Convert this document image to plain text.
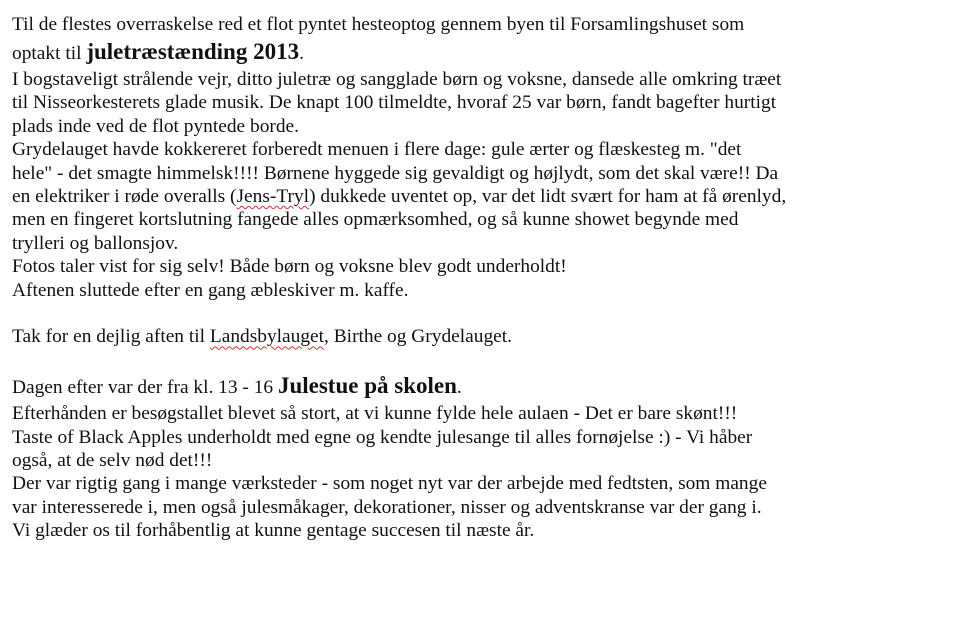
Til de flestes overraskelse red et flot pyntet hesteoptog gennem byen til Forsamlingshuset som
optakt til juletræstænding 2013.
I bogstaveligt strålende vejr, ditto juletræ og sangglade børn og voksne, dansede alle omkring træet
til Nisseorkesterets glade musik. De knapt 100 tilmeldte, hvoraf 25 var børn, fandt bagefter hurtigt
plads inde ved de flot pyntede borde.
Grydelauget havde kokkereret forberedt menuen i flere dage: gule ærter og flæskesteg m. "det
hele" - det smagte himmelsk!!!! Børnene hyggede sig gevaldigt og højlydt, som det skal være!! Da
en elektriker i røde overalls (Jens-Tryl) dukkede uventet op, var det lidt svært for ham at få ørenlyd,
men en fingeret kortslutning fangede alles opmærksomhed, og så kunne showet begynde med
trylleri og ballonsjov.
Fotos taler vist for sig selv! Både børn og voksne blev godt underholdt!
Aftenen sluttede efter en gang æbleskiver m. kaffe.
Tak for en dejlig aften til Landsbylauget, Birthe og Grydelauget.
Dagen efter var der fra kl. 13 - 16 Julestue på skolen.
Efterhånden er besøgstallet blevet så stort, at vi kunne fylde hele aulaen - Det er bare skønt!!!
Taste of Black Apples underholdt med egne og kendte julesange til alles fornøjelse :) - Vi håber
også, at de selv nød det!!!
Der var rigtig gang i mange værksteder - som noget nyt var der arbejde med fedtsten, som mange
var interesserede i, men også julesmåkager, dekorationer, nisser og adventskranse var der gang i.
Vi glæder os til forhåbentlig at kunne gentage succesen til næste år.
